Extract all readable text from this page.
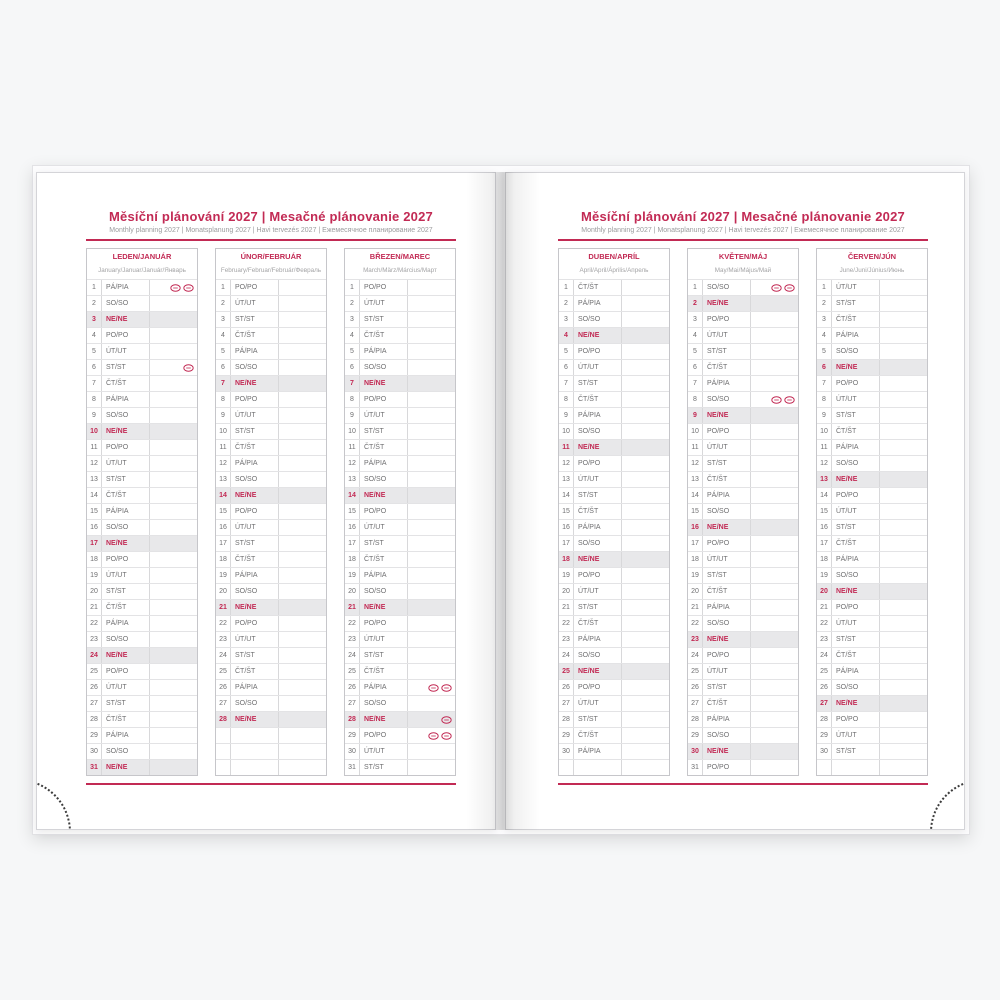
Měsíční plánování 2027 | Mesačné plánovanie 2027
Monthly planning 2027 | Monatsplanung 2027 | Havi tervezés 2027 | Ежемесячное планирование 2027
LEDEN/JANUÁR
January/Januar/Január/Январь
1	PÁ/PIA
2	SO/SO
3	NE/NE
4	PO/PO
5	ÚT/UT
6	ST/ST
7	ČT/ŠT
8	PÁ/PIA
9	SO/SO
10	NE/NE
11	PO/PO
12	ÚT/UT
13	ST/ST
14	ČT/ŠT
15	PÁ/PIA
16	SO/SO
17	NE/NE
18	PO/PO
19	ÚT/UT
20	ST/ST
21	ČT/ŠT
22	PÁ/PIA
23	SO/SO
24	NE/NE
25	PO/PO
26	ÚT/UT
27	ST/ST
28	ČT/ŠT
29	PÁ/PIA
30	SO/SO
31	NE/NE
ÚNOR/FEBRUÁR
February/Februar/Február/Февраль
1	PO/PO
2	ÚT/UT
3	ST/ST
4	ČT/ŠT
5	PÁ/PIA
6	SO/SO
7	NE/NE
8	PO/PO
9	ÚT/UT
10	ST/ST
11	ČT/ŠT
12	PÁ/PIA
13	SO/SO
14	NE/NE
15	PO/PO
16	ÚT/UT
17	ST/ST
18	ČT/ŠT
19	PÁ/PIA
20	SO/SO
21	NE/NE
22	PO/PO
23	ÚT/UT
24	ST/ST
25	ČT/ŠT
26	PÁ/PIA
27	SO/SO
28	NE/NE
BŘEZEN/MAREC
March/März/Március/Март
1	PO/PO
2	ÚT/UT
3	ST/ST
4	ČT/ŠT
5	PÁ/PIA
6	SO/SO
7	NE/NE
8	PO/PO
9	ÚT/UT
10	ST/ST
11	ČT/ŠT
12	PÁ/PIA
13	SO/SO
14	NE/NE
15	PO/PO
16	ÚT/UT
17	ST/ST
18	ČT/ŠT
19	PÁ/PIA
20	SO/SO
21	NE/NE
22	PO/PO
23	ÚT/UT
24	ST/ST
25	ČT/ŠT
26	PÁ/PIA
27	SO/SO
28	NE/NE
29	PO/PO
30	ÚT/UT
31	ST/ST
Měsíční plánování 2027 | Mesačné plánovanie 2027
Monthly planning 2027 | Monatsplanung 2027 | Havi tervezés 2027 | Ежемесячное планирование 2027
DUBEN/APRÍL
April/April/Április/Апрель
1	ČT/ŠT
2	PÁ/PIA
3	SO/SO
4	NE/NE
5	PO/PO
6	ÚT/UT
7	ST/ST
8	ČT/ŠT
9	PÁ/PIA
10	SO/SO
11	NE/NE
12	PO/PO
13	ÚT/UT
14	ST/ST
15	ČT/ŠT
16	PÁ/PIA
17	SO/SO
18	NE/NE
19	PO/PO
20	ÚT/UT
21	ST/ST
22	ČT/ŠT
23	PÁ/PIA
24	SO/SO
25	NE/NE
26	PO/PO
27	ÚT/UT
28	ST/ST
29	ČT/ŠT
30	PÁ/PIA
KVĚTEN/MÁJ
May/Mai/Május/Май
1	SO/SO
2	NE/NE
3	PO/PO
4	ÚT/UT
5	ST/ST
6	ČT/ŠT
7	PÁ/PIA
8	SO/SO
9	NE/NE
10	PO/PO
11	ÚT/UT
12	ST/ST
13	ČT/ŠT
14	PÁ/PIA
15	SO/SO
16	NE/NE
17	PO/PO
18	ÚT/UT
19	ST/ST
20	ČT/ŠT
21	PÁ/PIA
22	SO/SO
23	NE/NE
24	PO/PO
25	ÚT/UT
26	ST/ST
27	ČT/ŠT
28	PÁ/PIA
29	SO/SO
30	NE/NE
31	PO/PO
ČERVEN/JÚN
June/Juni/Június/Июнь
1	ÚT/UT
2	ST/ST
3	ČT/ŠT
4	PÁ/PIA
5	SO/SO
6	NE/NE
7	PO/PO
8	ÚT/UT
9	ST/ST
10	ČT/ŠT
11	PÁ/PIA
12	SO/SO
13	NE/NE
14	PO/PO
15	ÚT/UT
16	ST/ST
17	ČT/ŠT
18	PÁ/PIA
19	SO/SO
20	NE/NE
21	PO/PO
22	ÚT/UT
23	ST/ST
24	ČT/ŠT
25	PÁ/PIA
26	SO/SO
27	NE/NE
28	PO/PO
29	ÚT/UT
30	ST/ST
